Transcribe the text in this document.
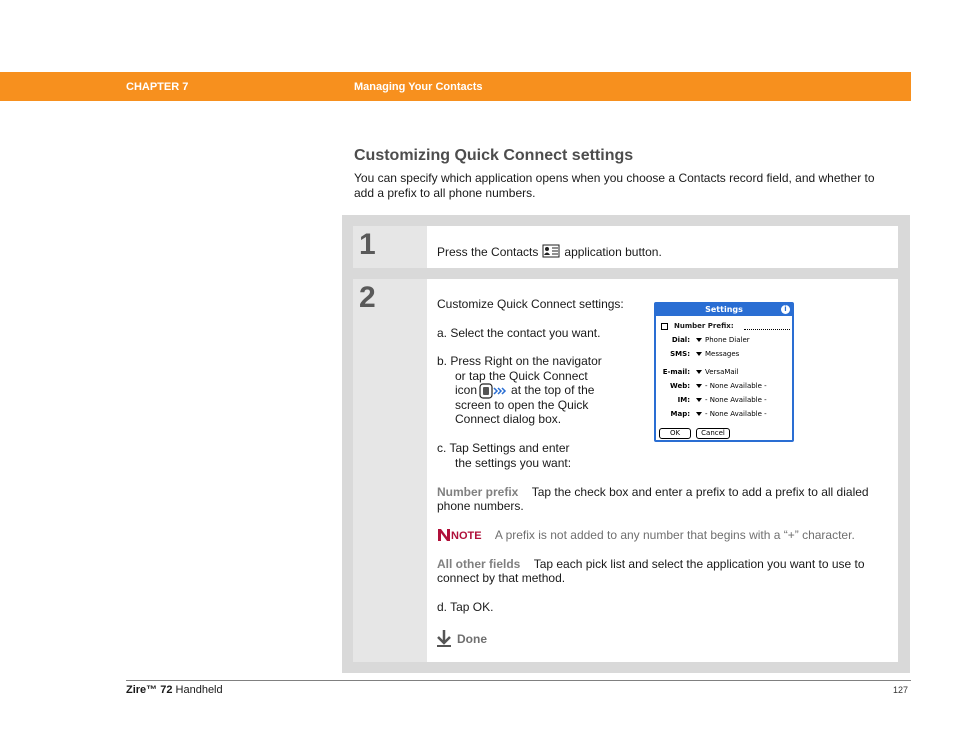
CHAPTER 7	Managing Your Contacts
Customizing Quick Connect settings
You can specify which application opens when you choose a Contacts record field, and whether to
add a prefix to all phone numbers.
1	Press the Contacts application button.
2	Customize Quick Connect settings:
a. Select the contact you want.
b. Press Right on the navigator
or tap the Quick Connect
icon	at the top of the
screen to open the Quick
Connect dialog box.
c. Tap Settings and enter
the settings you want:
Settings	i
Number Prefix:
Dial: Phone Dialer
SMS: Messages
E-mail: VersaMail
Web: - None Available -
IM: - None Available -
Map: - None Available -
OK	Cancel
Number prefix Tap the check box and enter a prefix to add a prefix to all dialed
phone numbers.
NOTE A prefix is not added to any number that begins with a “+” character.
All other fields Tap each pick list and select the application you want to use to
connect by that method.
d. Tap OK.
Done
Zire™ 72 Handheld	127
